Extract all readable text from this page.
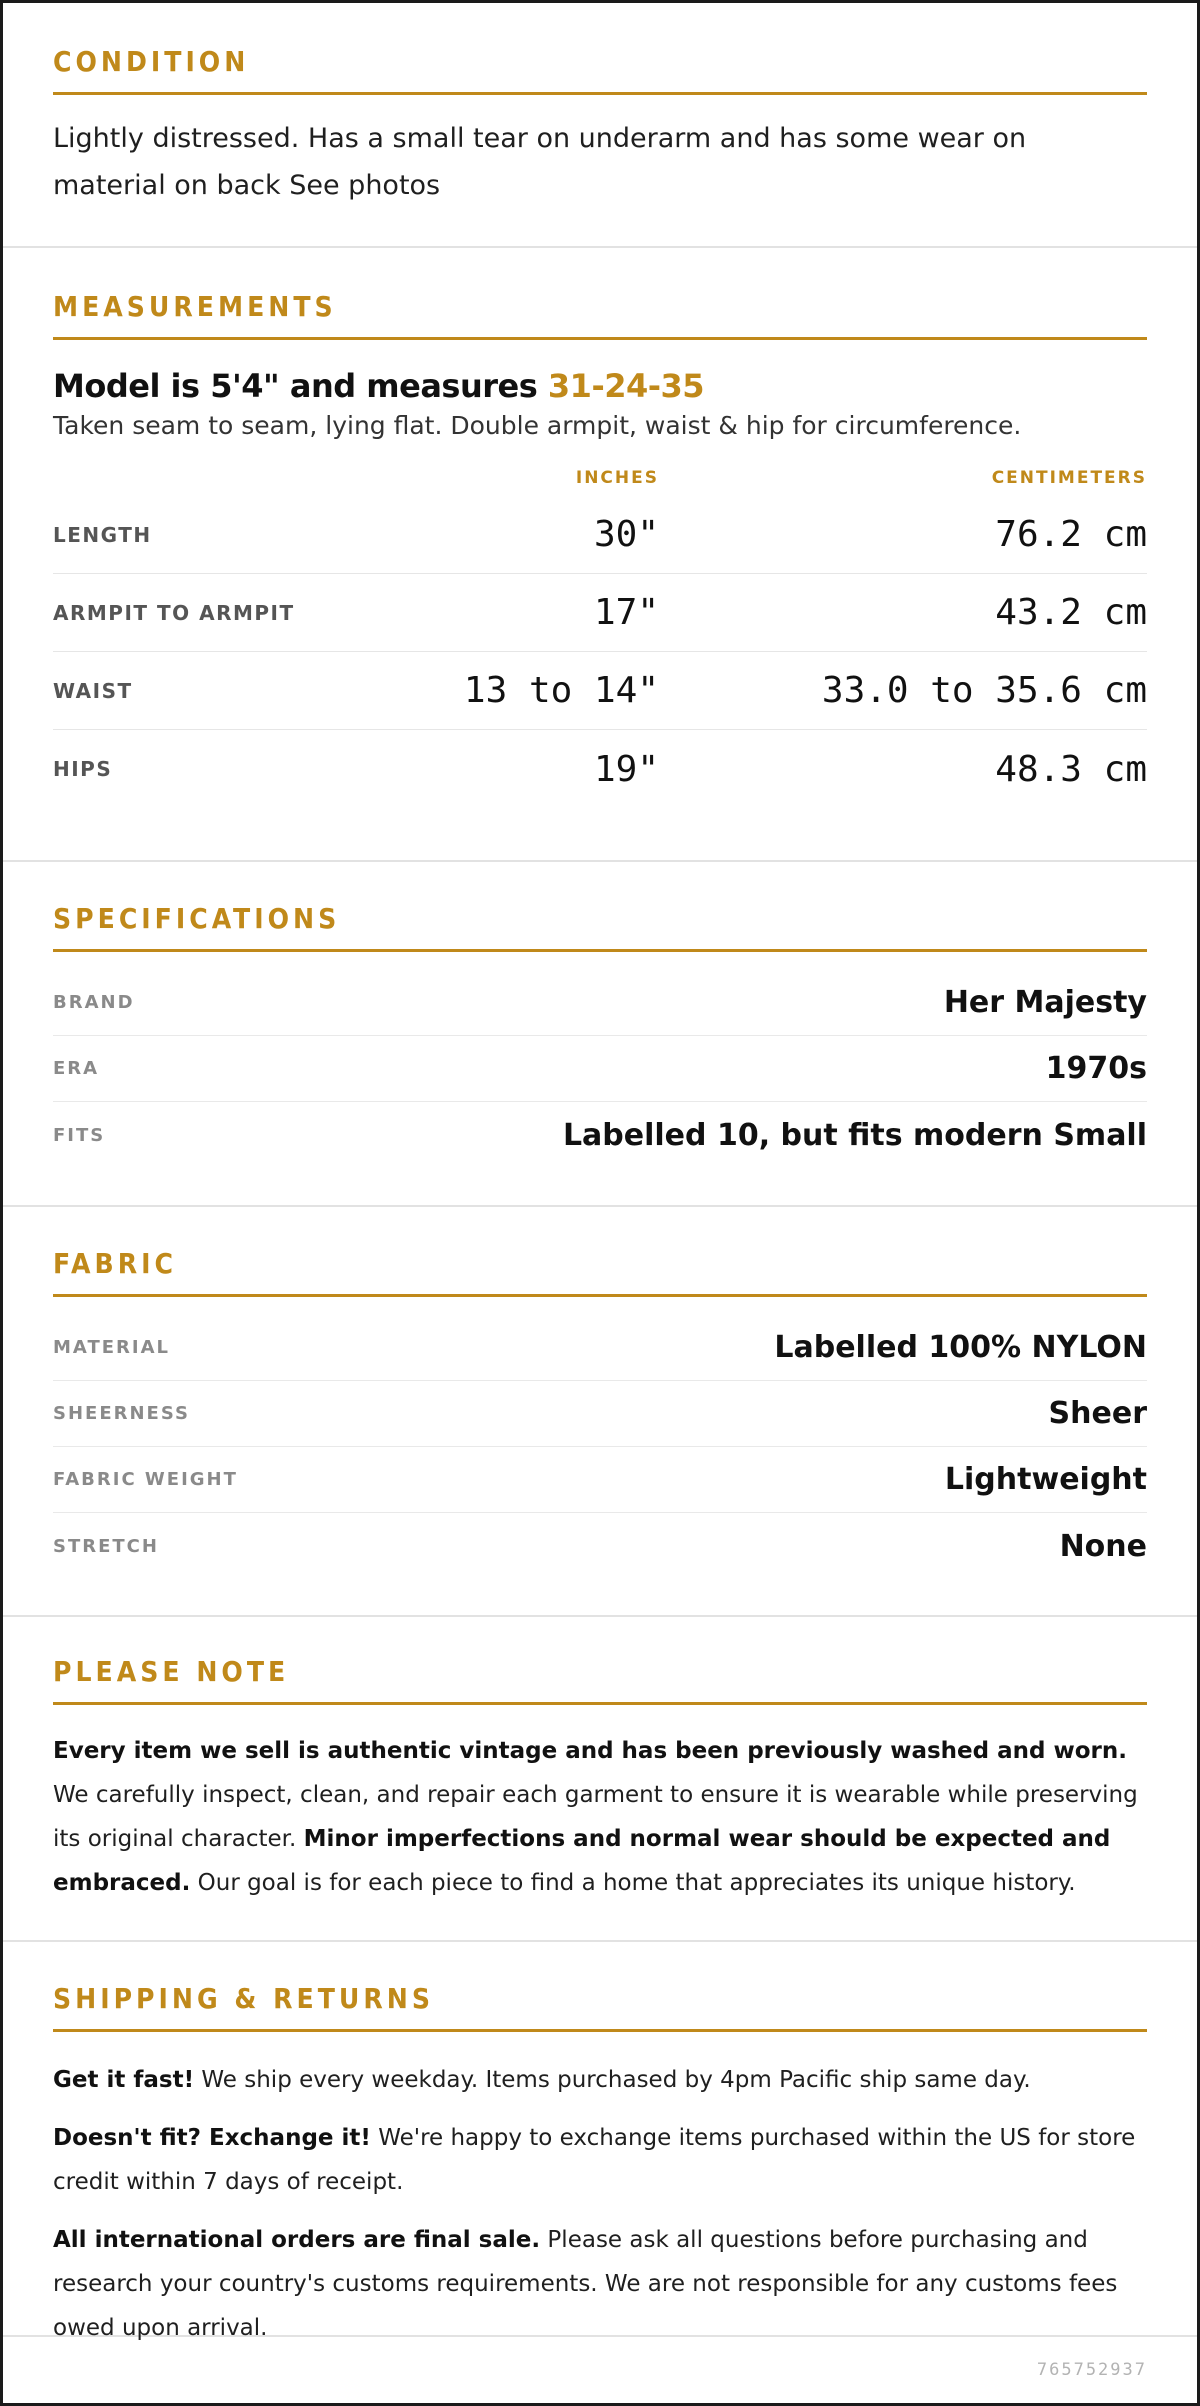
CONDITION

Lightly distressed. Has a small tear on underarm and has some wear on material on back See photos

MEASUREMENTS
Model is 5'4" and measures 31-24-35
Taken seam to seam, lying flat. Double armpit, waist & hip for circumference.
INCHES	CENTIMETERS
LENGTH	30"	76.2 cm
ARMPIT TO ARMPIT	17"	43.2 cm
WAIST	13 to 14"	33.0 to 35.6 cm
HIPS	19"	48.3 cm
SPECIFICATIONS
BRAND	Her Majesty
ERA	1970s
FITS	Labelled 10, but fits modern Small
FABRIC
MATERIAL	Labelled 100% NYLON
SHEERNESS	Sheer
FABRIC WEIGHT	Lightweight
STRETCH	None
PLEASE NOTE

Every item we sell is authentic vintage and has been previously washed and worn. We carefully inspect, clean, and repair each garment to ensure it is wearable while preserving its original character. Minor imperfections and normal wear should be expected and embraced. Our goal is for each piece to find a home that appreciates its unique history.

SHIPPING & RETURNS

Get it fast! We ship every weekday. Items purchased by 4pm Pacific ship same day.

Doesn't fit? Exchange it! We're happy to exchange items purchased within the US for store credit within 7 days of receipt.

All international orders are final sale. Please ask all questions before purchasing and research your country's customs requirements. We are not responsible for any customs fees owed upon arrival.

765752937
